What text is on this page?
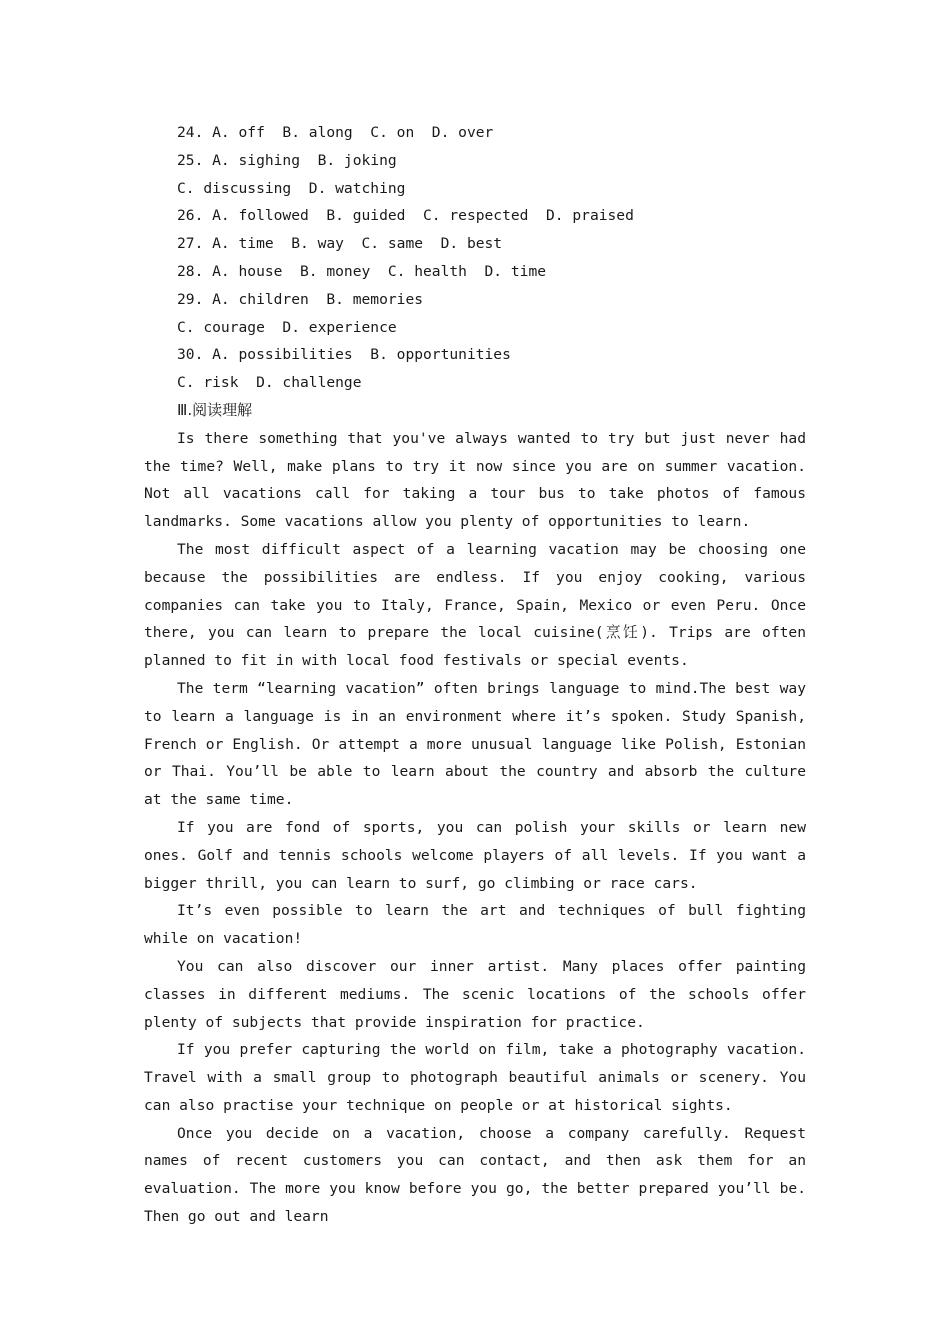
24. A. off  B. along  C. on  D. over
25. A. sighing  B. joking
C. discussing  D. watching
26. A. followed  B. guided  C. respected  D. praised
27. A. time  B. way  C. same  D. best
28. A. house  B. money  C. health  D. time
29. A. children  B. memories
C. courage  D. experience
30. A. possibilities  B. opportunities
C. risk  D. challenge
Ⅲ.阅读理解

Is there something that you've always wanted to try but just never had the time? Well, make plans to try it now since you are on summer vacation. Not all vacations call for taking a tour bus to take photos of famous landmarks. Some vacations allow you plenty of opportunities to learn.

The most difficult aspect of a learning vacation may be choosing one because the possibilities are endless. If you enjoy cooking, various companies can take you to Italy, France, Spain, Mexico or even Peru. Once there, you can learn to prepare the local cuisine(烹饪). Trips are often planned to fit in with local food festivals or special events.

The term “learning vacation” often brings language to mind.The best way to learn a language is in an environment where it’s spoken. Study Spanish, French or English. Or attempt a more unusual language like Polish, Estonian or Thai. You’ll be able to learn about the country and absorb the culture at the same time.

If you are fond of sports, you can polish your skills or learn new ones. Golf and tennis schools welcome players of all levels. If you want a bigger thrill, you can learn to surf, go climbing or race cars.

It’s even possible to learn the art and techniques of bull fighting while on vacation!

You can also discover our inner artist. Many places offer painting classes in different mediums. The scenic locations of the schools offer plenty of subjects that provide inspiration for practice.

If you prefer capturing the world on film, take a photography vacation. Travel with a small group to photograph beautiful animals or scenery. You can also practise your technique on people or at historical sights.

Once you decide on a vacation, choose a company carefully. Request names of recent customers you can contact, and then ask them for an evaluation. The more you know before you go, the better prepared you’ll be. Then go out and learn
